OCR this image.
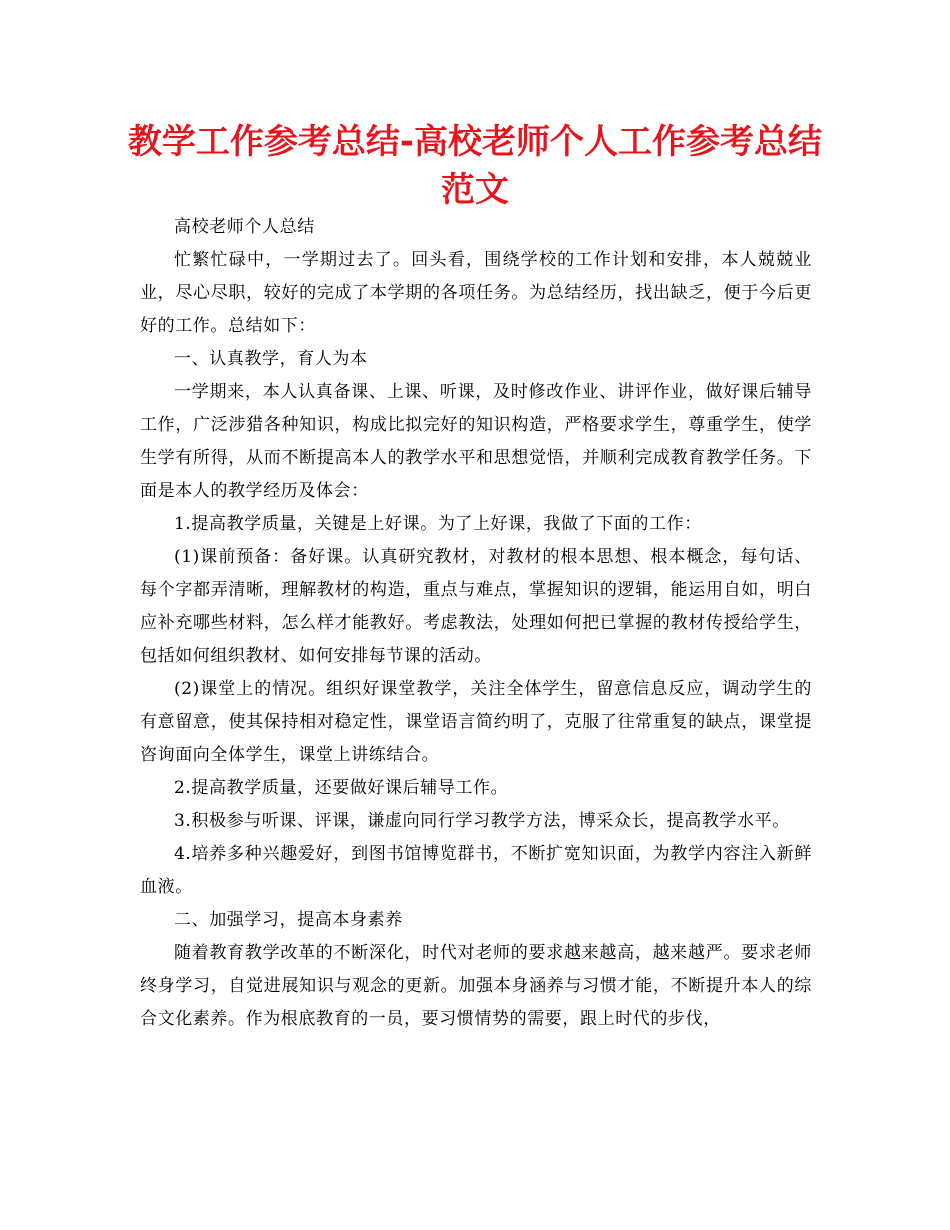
教学工作参考总结-高校老师个人工作参考总结范文

高校老师个人总结

忙繁忙碌中，一学期过去了。回头看，围绕学校的工作计划和安排，本人兢兢业业，尽心尽职，较好的完成了本学期的各项任务。为总结经历，找出缺乏，便于今后更好的工作。总结如下：

一、认真教学，育人为本

一学期来，本人认真备课、上课、听课，及时修改作业、讲评作业，做好课后辅导工作，广泛涉猎各种知识，构成比拟完好的知识构造，严格要求学生，尊重学生，使学生学有所得，从而不断提高本人的教学水平和思想觉悟，并顺利完成教育教学任务。下面是本人的教学经历及体会：

1.提高教学质量，关键是上好课。为了上好课，我做了下面的工作：

(1)课前预备：备好课。认真研究教材，对教材的根本思想、根本概念，每句话、每个字都弄清晰，理解教材的构造，重点与难点，掌握知识的逻辑，能运用自如，明白应补充哪些材料，怎么样才能教好。考虑教法，处理如何把已掌握的教材传授给学生，包括如何组织教材、如何安排每节课的活动。

(2)课堂上的情况。组织好课堂教学，关注全体学生，留意信息反应，调动学生的有意留意，使其保持相对稳定性，课堂语言简约明了，克服了往常重复的缺点，课堂提咨询面向全体学生，课堂上讲练结合。

2.提高教学质量，还要做好课后辅导工作。

3.积极参与听课、评课，谦虚向同行学习教学方法，博采众长，提高教学水平。

4.培养多种兴趣爱好，到图书馆博览群书，不断扩宽知识面，为教学内容注入新鲜血液。

二、加强学习，提高本身素养

随着教育教学改革的不断深化，时代对老师的要求越来越高，越来越严。要求老师终身学习，自觉进展知识与观念的更新。加强本身涵养与习惯才能，不断提升本人的综合文化素养。作为根底教育的一员，要习惯情势的需要，跟上时代的步伐，
